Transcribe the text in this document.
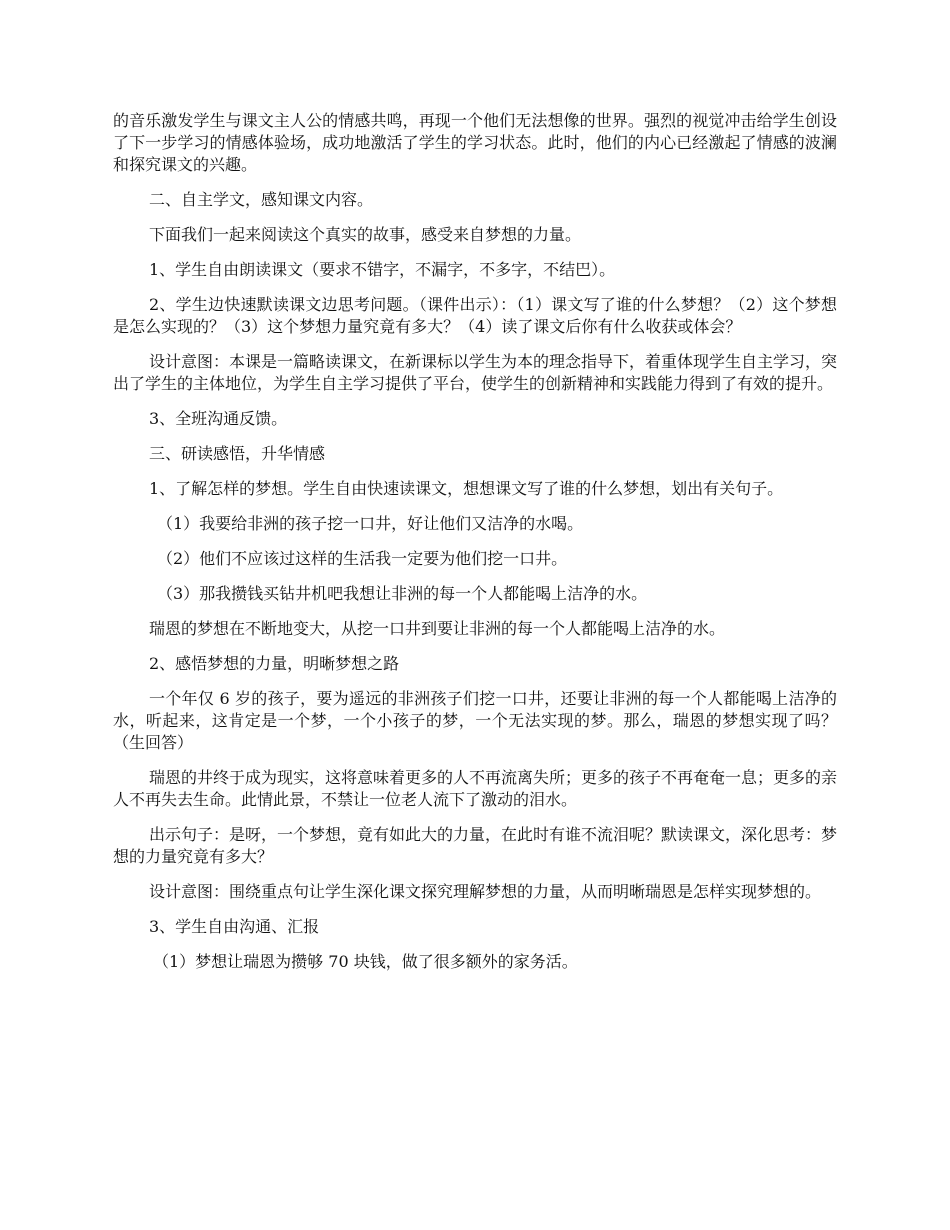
的音乐激发学生与课文主人公的情感共鸣，再现一个他们无法想像的世界。强烈的视觉冲击给学生创设了下一步学习的情感体验场，成功地激活了学生的学习状态。此时，他们的内心已经激起了情感的波澜和探究课文的兴趣。

二、自主学文，感知课文内容。

下面我们一起来阅读这个真实的故事，感受来自梦想的力量。

1、学生自由朗读课文（要求不错字，不漏字，不多字，不结巴）。

2、学生边快速默读课文边思考问题。（课件出示）：（1）课文写了谁的什么梦想？（2）这个梦想是怎么实现的？（3）这个梦想力量究竟有多大？（4）读了课文后你有什么收获或体会？

设计意图：本课是一篇略读课文，在新课标以学生为本的理念指导下，着重体现学生自主学习，突出了学生的主体地位，为学生自主学习提供了平台，使学生的创新精神和实践能力得到了有效的提升。

3、全班沟通反馈。

三、研读感悟，升华情感

1、了解怎样的梦想。学生自由快速读课文，想想课文写了谁的什么梦想，划出有关句子。

（1）我要给非洲的孩子挖一口井，好让他们又洁净的水喝。

（2）他们不应该过这样的生活我一定要为他们挖一口井。

（3）那我攒钱买钻井机吧我想让非洲的每一个人都能喝上洁净的水。

瑞恩的梦想在不断地变大，从挖一口井到要让非洲的每一个人都能喝上洁净的水。

2、感悟梦想的力量，明晰梦想之路

一个年仅 6 岁的孩子，要为遥远的非洲孩子们挖一口井，还要让非洲的每一个人都能喝上洁净的水，听起来，这肯定是一个梦，一个小孩子的梦，一个无法实现的梦。那么，瑞恩的梦想实现了吗？（生回答）

瑞恩的井终于成为现实，这将意味着更多的人不再流离失所；更多的孩子不再奄奄一息；更多的亲人不再失去生命。此情此景，不禁让一位老人流下了激动的泪水。

出示句子：是呀，一个梦想，竟有如此大的力量，在此时有谁不流泪呢？默读课文，深化思考：梦想的力量究竟有多大？

设计意图：围绕重点句让学生深化课文探究理解梦想的力量，从而明晰瑞恩是怎样实现梦想的。

3、学生自由沟通、汇报

（1）梦想让瑞恩为攒够 70 块钱，做了很多额外的家务活。
